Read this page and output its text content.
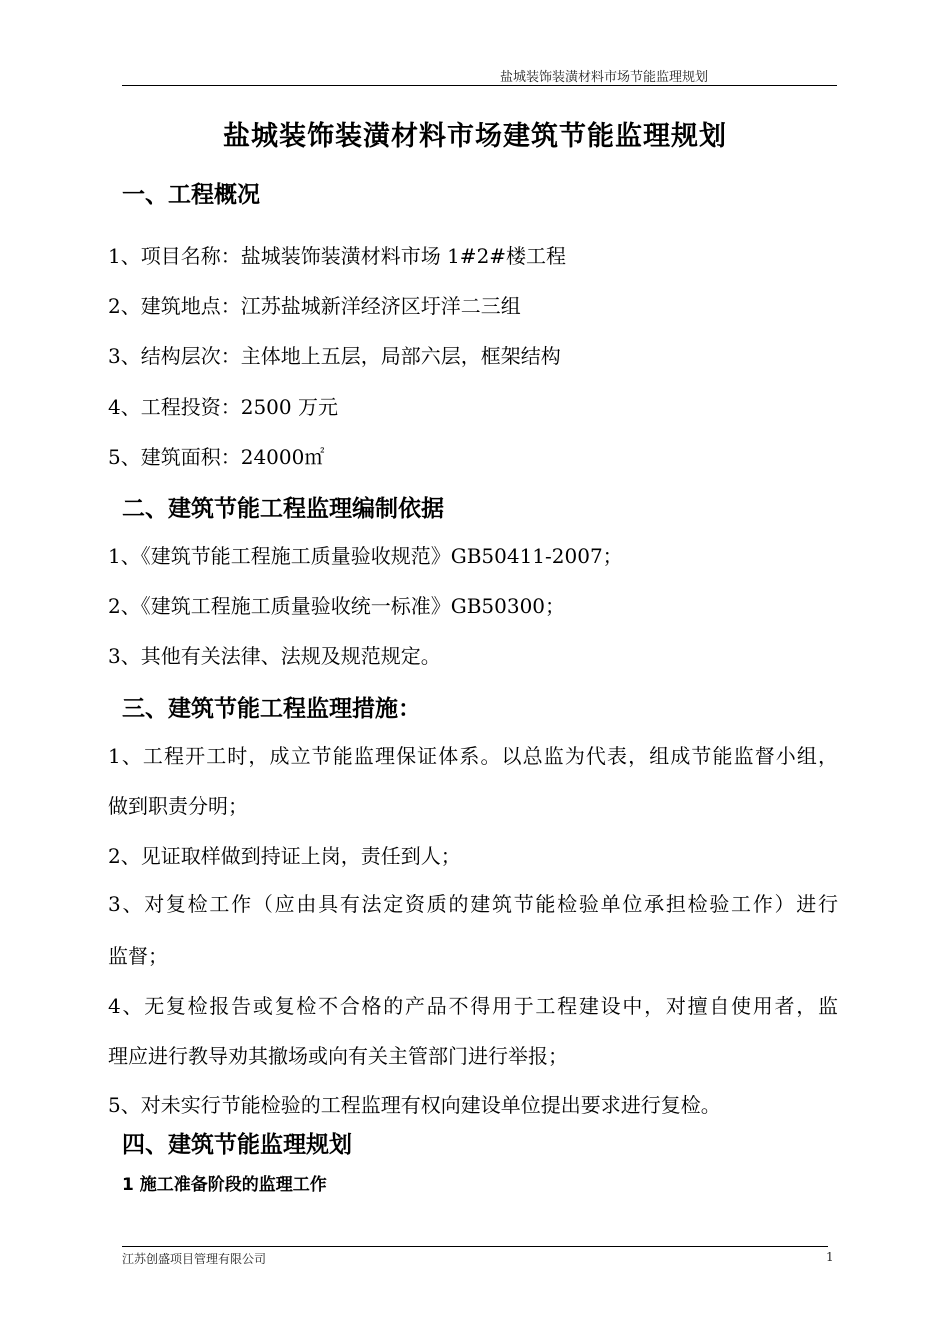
盐城装饰装潢材料市场节能监理规划
盐城装饰装潢材料市场建筑节能监理规划
一、工程概况
1、项目名称：盐城装饰装潢材料市场 1#2#楼工程
2、建筑地点：江苏盐城新洋经济区圩洋二三组
3、结构层次：主体地上五层，局部六层，框架结构
4、工程投资：2500 万元
5、建筑面积：24000㎡
二、建筑节能工程监理编制依据
1、《建筑节能工程施工质量验收规范》GB50411-2007；
2、《建筑工程施工质量验收统一标准》GB50300；
3、其他有关法律、法规及规范规定。
三、建筑节能工程监理措施：
1、工程开工时，成立节能监理保证体系。以总监为代表，组成节能监督小组，
做到职责分明；
2、见证取样做到持证上岗，责任到人；
3、对复检工作（应由具有法定资质的建筑节能检验单位承担检验工作）进行
监督；
4、无复检报告或复检不合格的产品不得用于工程建设中，对擅自使用者，监
理应进行教导劝其撤场或向有关主管部门进行举报；
5、对未实行节能检验的工程监理有权向建设单位提出要求进行复检。
四、建筑节能监理规划
1 施工准备阶段的监理工作
江苏创盛项目管理有限公司	1
